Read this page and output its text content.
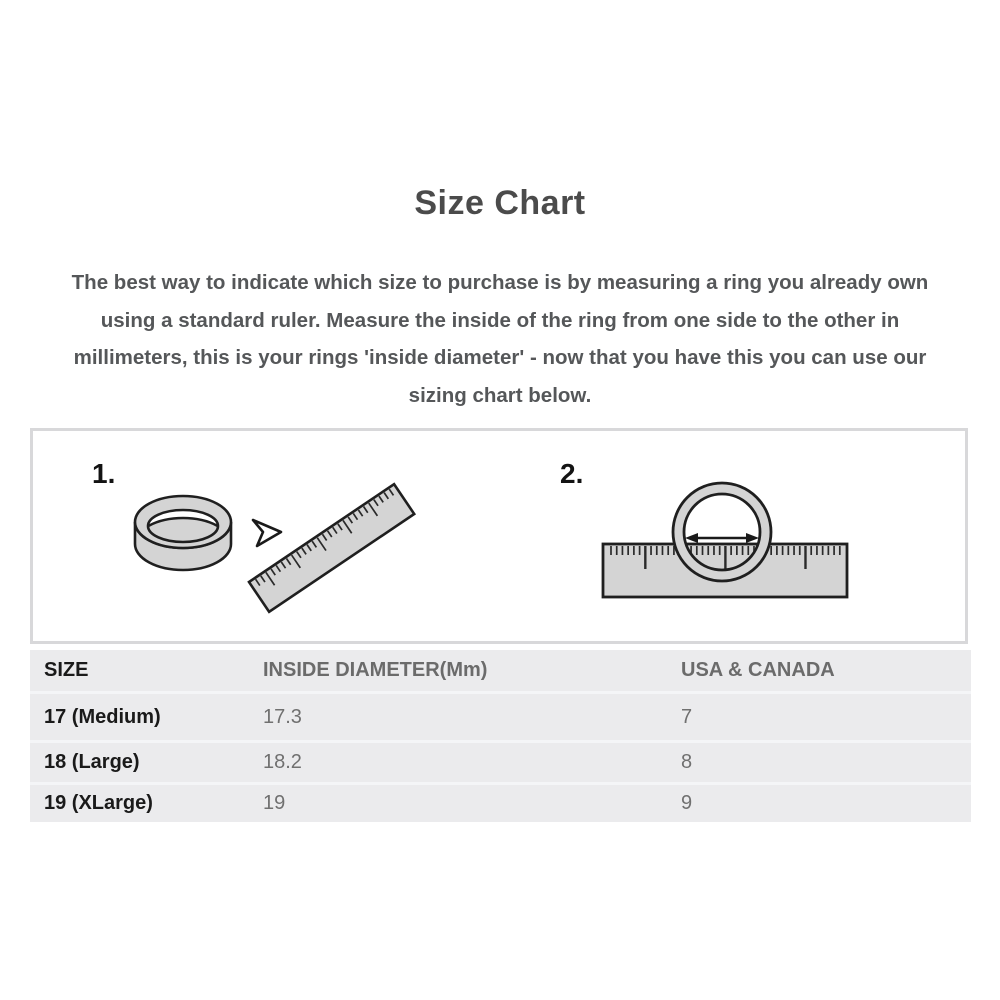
Size Chart
The best way to indicate which size to purchase is by measuring a ring you already own
using a standard ruler. Measure the inside of the ring from one side to the other in
millimeters, this is your rings 'inside diameter' - now that you have this you can use our
sizing chart below.
1.	2.
SIZE	INSIDE DIAMETER(Mm)	USA & CANADA
17 (Medium)	17.3	7
18 (Large)	18.2	8
19 (XLarge)	19	9
